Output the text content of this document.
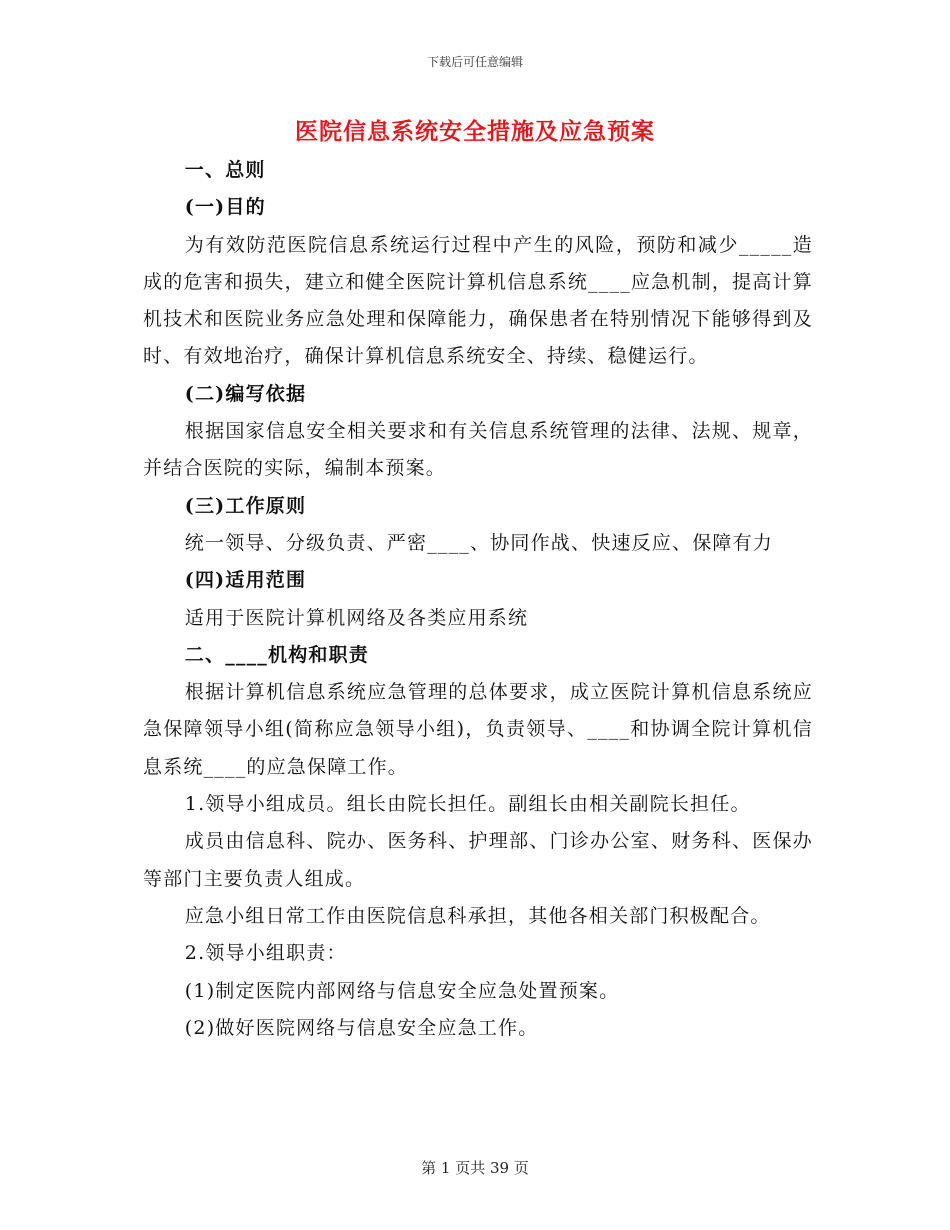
下载后可任意编辑
医院信息系统安全措施及应急预案

一、总则

(一)目的

为有效防范医院信息系统运行过程中产生的风险，预防和减少_____造成的危害和损失，建立和健全医院计算机信息系统____应急机制，提高计算机技术和医院业务应急处理和保障能力，确保患者在特别情况下能够得到及时、有效地治疗，确保计算机信息系统安全、持续、稳健运行。

(二)编写依据

根据国家信息安全相关要求和有关信息系统管理的法律、法规、规章，并结合医院的实际，编制本预案。

(三)工作原则

统一领导、分级负责、严密____、协同作战、快速反应、保障有力

(四)适用范围

适用于医院计算机网络及各类应用系统

二、____机构和职责

根据计算机信息系统应急管理的总体要求，成立医院计算机信息系统应急保障领导小组(简称应急领导小组)，负责领导、____和协调全院计算机信息系统____的应急保障工作。

1.领导小组成员。组长由院长担任。副组长由相关副院长担任。

成员由信息科、院办、医务科、护理部、门诊办公室、财务科、医保办等部门主要负责人组成。

应急小组日常工作由医院信息科承担，其他各相关部门积极配合。

2.领导小组职责：

(1)制定医院内部网络与信息安全应急处置预案。

(2)做好医院网络与信息安全应急工作。

第 1 页共 39 页
